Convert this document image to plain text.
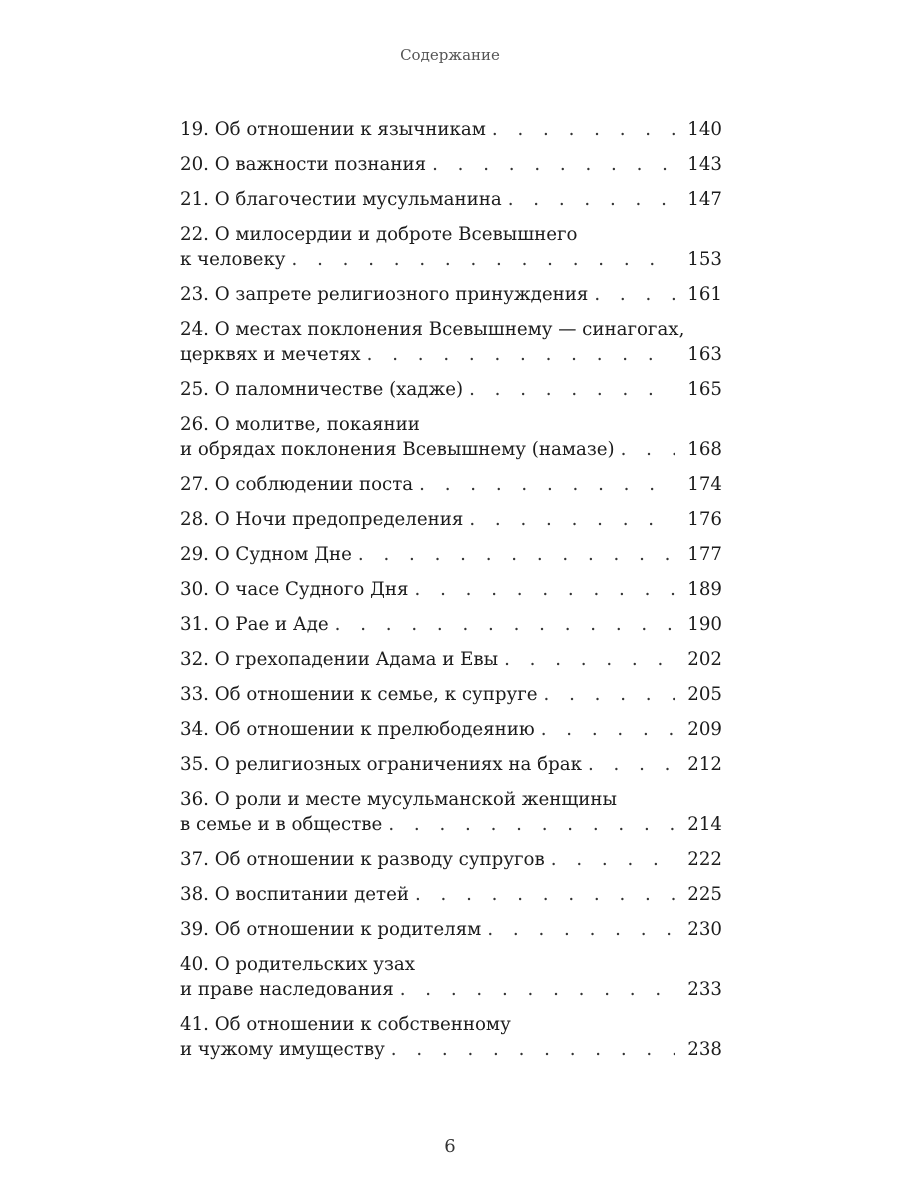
Содержание
19. Об отношении к язычникам . . .	140
20. О важности познания . . .	143
21. О благочестии мусульманина . . .	147
22. О милосердии и доброте Всевышнего
к человеку . . .	153
23. О запрете религиозного принуждения . . .	161
24. О местах поклонения Всевышнему — синагогах,
церквях и мечетях . . .	163
25. О паломничестве (хадже) . . .	165
26. О молитве, покаянии
и обрядах поклонения Всевышнему (намазе) . . .	168
27. О соблюдении поста . . .	174
28. О Ночи предопределения . . .	176
29. О Судном Дне . . .	177
30. О часе Судного Дня . . .	189
31. О Рае и Аде . . .	190
32. О грехопадении Адама и Евы . . .	202
33. Об отношении к семье, к супруге . . .	205
34. Об отношении к прелюбодеянию . . .	209
35. О религиозных ограничениях на брак . . .	212
36. О роли и месте мусульманской женщины
в семье и в обществе . . .	214
37. Об отношении к разводу супругов . . .	222
38. О воспитании детей . . .	225
39. Об отношении к родителям . . .	230
40. О родительских узах
и праве наследования . . .	233
41. Об отношении к собственному
и чужому имуществу . . .	238
6
